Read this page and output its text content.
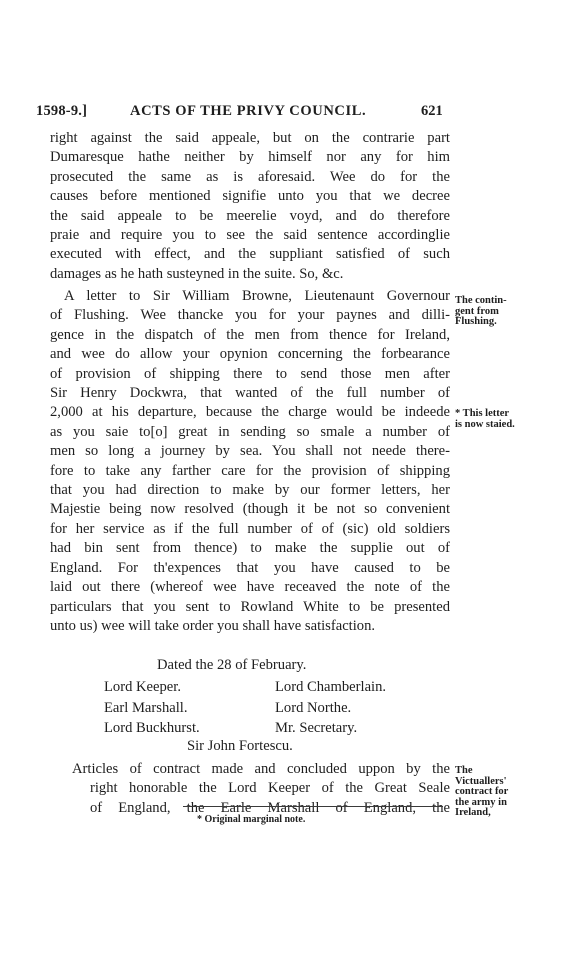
1598-9.]	ACTS OF THE PRIVY COUNCIL.	621
right against the said appeale, but on the contrarie part
Dumaresque hathe neither by himself nor any for him
prosecuted the same as is aforesaid. Wee do for the
causes before mentioned signifie unto you that we decree
the said appeale to be meerelie voyd, and do therefore
praie and require you to see the said sentence accordinglie
executed with effect, and the suppliant satisfied of such
damages as he hath susteyned in the suite. So, &c.
A letter to Sir William Browne, Lieutenaunt Governour
of Flushing. Wee thancke you for your paynes and dilli-
gence in the dispatch of the men from thence for Ireland,
and wee do allow your opynion concerning the forbearance
of provision of shipping there to send those men after
Sir Henry Dockwra, that wanted of the full number of
2,000 at his departure, because the charge would be indeede
as you saie to[o] great in sending so smale a number of
men so long a journey by sea. You shall not neede there-
fore to take any farther care for the provision of shipping
that you had direction to make by our former letters, her
Majestie being now resolved (though it be not so convenient
for her service as if the full number of of (sic) old soldiers
had bin sent from thence) to make the supplie out of
England. For th'expences that you have caused to be
laid out there (whereof wee have receaved the note of the
particulars that you sent to Rowland White to be presented
unto us) wee will take order you shall have satisfaction.
The contin-
gent from
Flushing.
* This letter
is now staied.
Dated the 28 of February.
Lord Keeper.	Lord Chamberlain.
Earl Marshall.	Lord Northe.
Lord Buckhurst.	Mr. Secretary.
Sir John Fortescu.
Articles of contract made and concluded uppon by the
right honorable the Lord Keeper of the Great Seale
of England, the Earle Marshall of England, the
The
Victuallers'
contract for
the army in
Ireland,
* Original marginal note.
